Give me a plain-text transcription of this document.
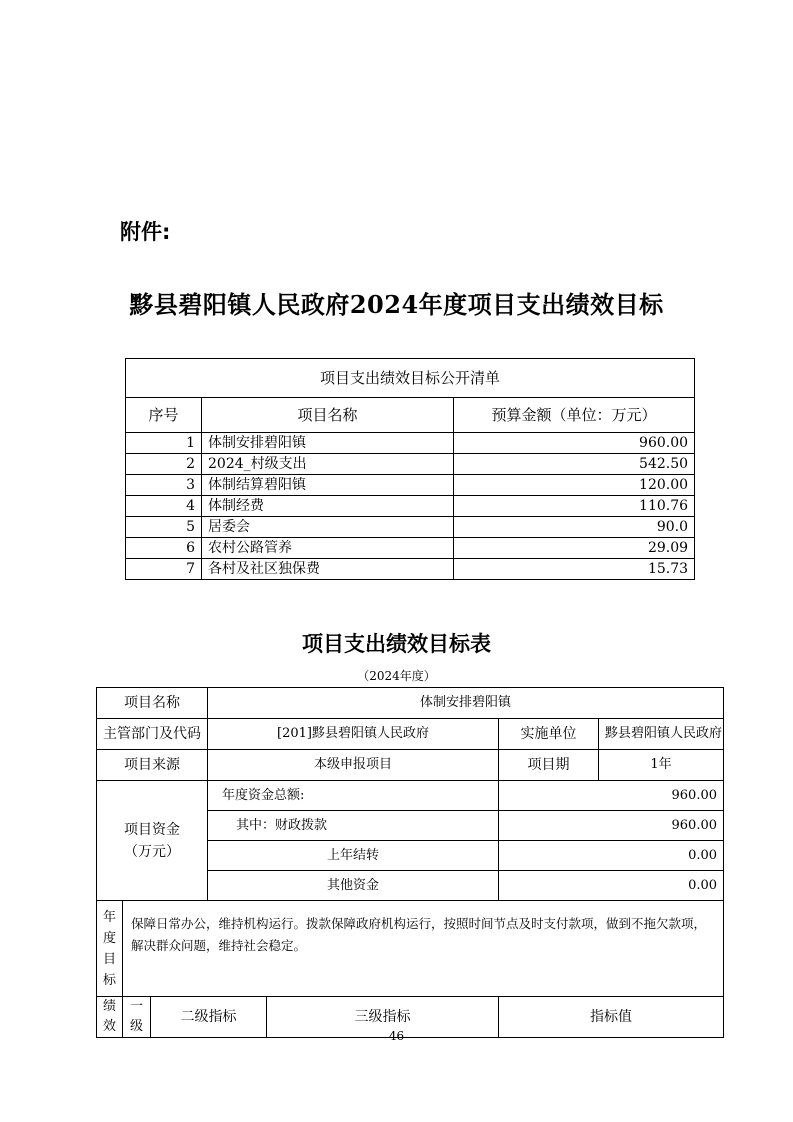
附件:
黟县碧阳镇人民政府2024年度项目支出绩效目标
项目支出绩效目标公开清单		
序号	项目名称	预算金额（单位：万元）
1	体制安排碧阳镇	960.00
2	2024_村级支出	542.50
3	体制结算碧阳镇	120.00
4	体制经费	110.76
5	居委会	90.0
6	农村公路管养	29.09
7	各村及社区独保费	15.73
项目支出绩效目标表
（2024年度）
项目名称			体制安排碧阳镇			
主管部门及代码			[201]黟县碧阳镇人民政府		实施单位	黟县碧阳镇人民政府
项目来源			本级申报项目		项目期	1年

项目资金
（万元）			年度资金总额:		960.00	
			其中：财政拨款		960.00	
			上年结转		0.00	
			其他资金		0.00	

年度目标	保障日常办公，维持机构运行。拨款保障政府机构运行，按照时间节点及时支付款项，做到不拖欠款项，解决群众问题，维持社会稳定。					

绩效	一级	二级指标		三级指标	指标值	
46
